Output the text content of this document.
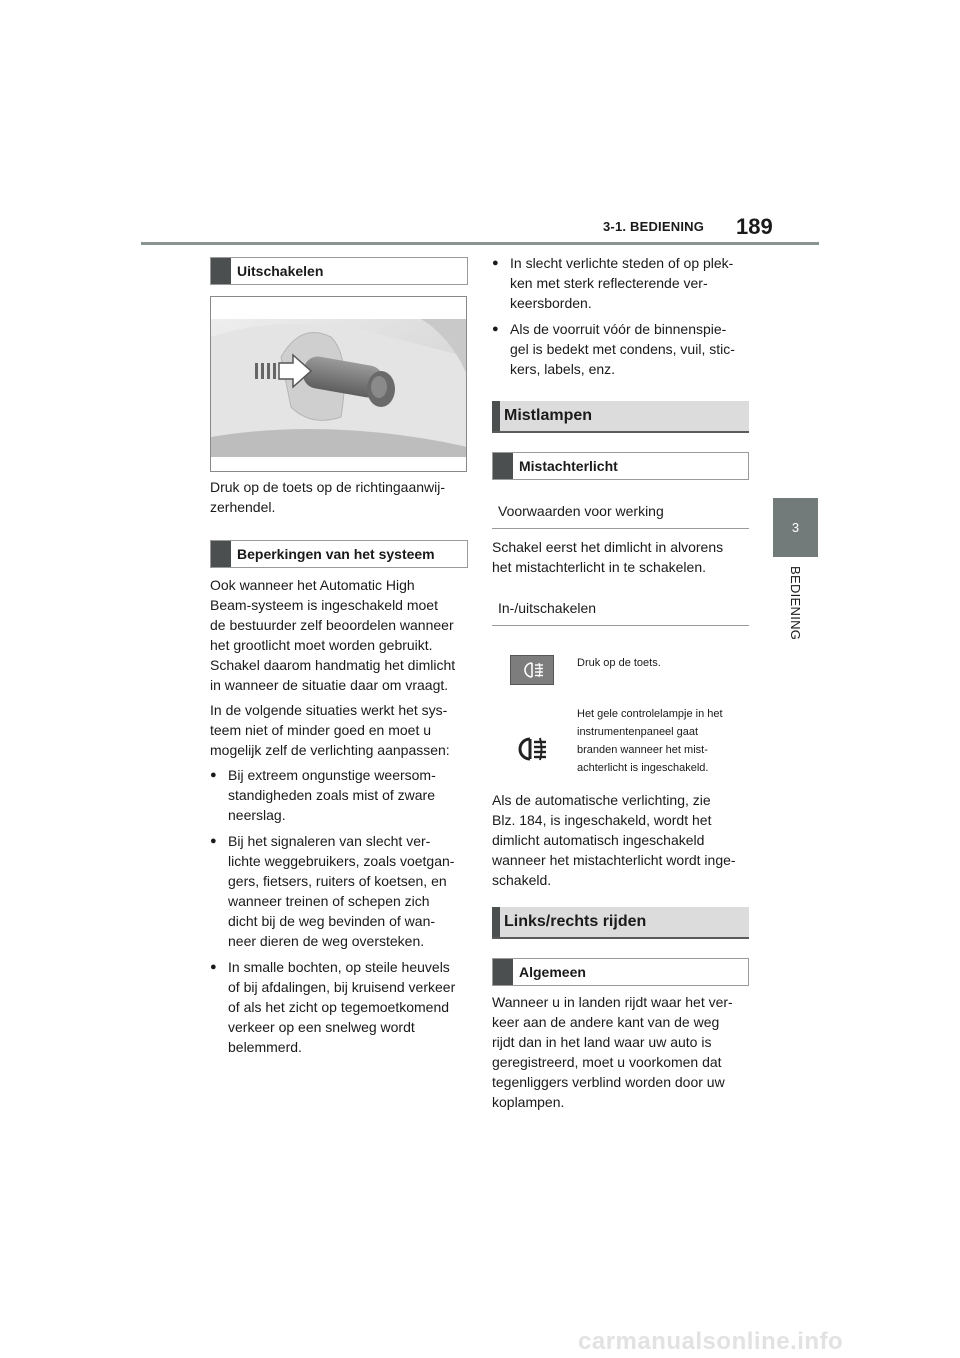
3-1. BEDIENING 189
3
BEDIENING
Uitschakelen
Druk op de toets op de richtingaanwij-
zerhendel.
Beperkingen van het systeem
Ook wanneer het Automatic High
Beam-systeem is ingeschakeld moet
de bestuurder zelf beoordelen wanneer
het grootlicht moet worden gebruikt.
Schakel daarom handmatig het dimlicht
in wanneer de situatie daar om vraagt.
In de volgende situaties werkt het sys-
teem niet of minder goed en moet u
mogelijk zelf de verlichting aanpassen:
● Bij extreem ongunstige weersom-
standigheden zoals mist of zware
neerslag.
● Bij het signaleren van slecht ver-
lichte weggebruikers, zoals voetgan-
gers, fietsers, ruiters of koetsen, en
wanneer treinen of schepen zich
dicht bij de weg bevinden of wan-
neer dieren de weg oversteken.
● In smalle bochten, op steile heuvels
of bij afdalingen, bij kruisend verkeer
of als het zicht op tegemoetkomend
verkeer op een snelweg wordt
belemmerd.
● In slecht verlichte steden of op plek-
ken met sterk reflecterende ver-
keersborden.
● Als de voorruit vóór de binnenspie-
gel is bedekt met condens, vuil, stic-
kers, labels, enz.
Mistlampen
Mistachterlicht
Voorwaarden voor werking
Schakel eerst het dimlicht in alvorens
het mistachterlicht in te schakelen.
In-/uitschakelen
Druk op de toets.
Het gele controlelampje in het
instrumentenpaneel gaat
branden wanneer het mist-
achterlicht is ingeschakeld.
Als de automatische verlichting, zie
Blz. 184, is ingeschakeld, wordt het
dimlicht automatisch ingeschakeld
wanneer het mistachterlicht wordt inge-
schakeld.
Links/rechts rijden
Algemeen
Wanneer u in landen rijdt waar het ver-
keer aan de andere kant van de weg
rijdt dan in het land waar uw auto is
geregistreerd, moet u voorkomen dat
tegenliggers verblind worden door uw
koplampen.
carmanualsonline.info
